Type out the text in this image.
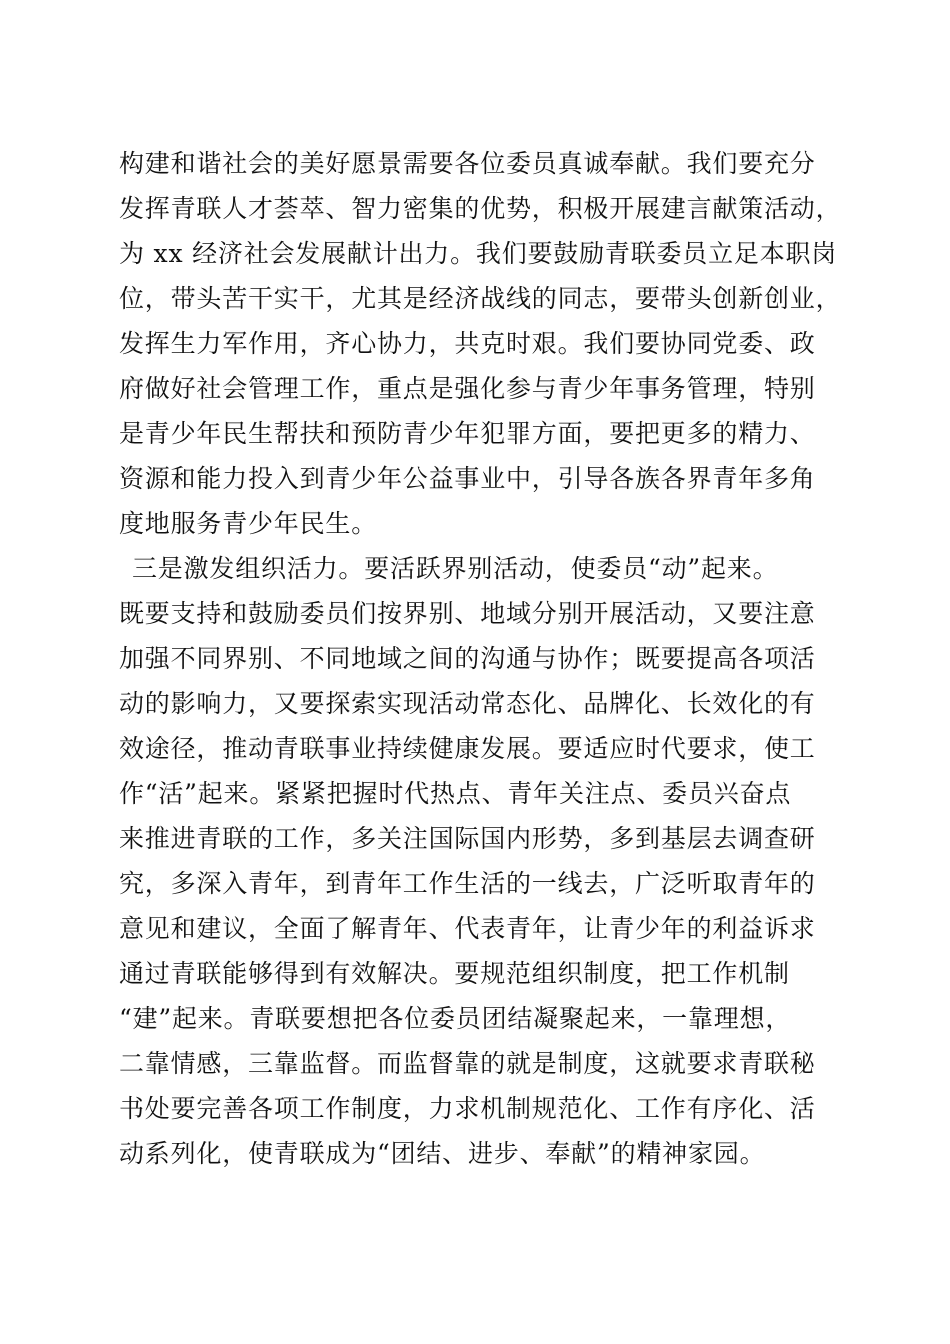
构建和谐社会的美好愿景需要各位委员真诚奉献。我们要充分
发挥青联人才荟萃、智力密集的优势，积极开展建言献策活动，
为 xx 经济社会发展献计出力。我们要鼓励青联委员立足本职岗
位，带头苦干实干，尤其是经济战线的同志，要带头创新创业，
发挥生力军作用，齐心协力，共克时艰。我们要协同党委、政
府做好社会管理工作，重点是强化参与青少年事务管理，特别
是青少年民生帮扶和预防青少年犯罪方面，要把更多的精力、
资源和能力投入到青少年公益事业中，引导各族各界青年多角
度地服务青少年民生。
三是激发组织活力。要活跃界别活动，使委员“动”起来。
既要支持和鼓励委员们按界别、地域分别开展活动，又要注意
加强不同界别、不同地域之间的沟通与协作；既要提高各项活
动的影响力，又要探索实现活动常态化、品牌化、长效化的有
效途径，推动青联事业持续健康发展。要适应时代要求，使工
作“活”起来。紧紧把握时代热点、青年关注点、委员兴奋点
来推进青联的工作，多关注国际国内形势，多到基层去调查研
究，多深入青年，到青年工作生活的一线去，广泛听取青年的
意见和建议，全面了解青年、代表青年，让青少年的利益诉求
通过青联能够得到有效解决。要规范组织制度，把工作机制
“建”起来。青联要想把各位委员团结凝聚起来，一靠理想，
二靠情感，三靠监督。而监督靠的就是制度，这就要求青联秘
书处要完善各项工作制度，力求机制规范化、工作有序化、活
动系列化，使青联成为“团结、进步、奉献”的精神家园。
